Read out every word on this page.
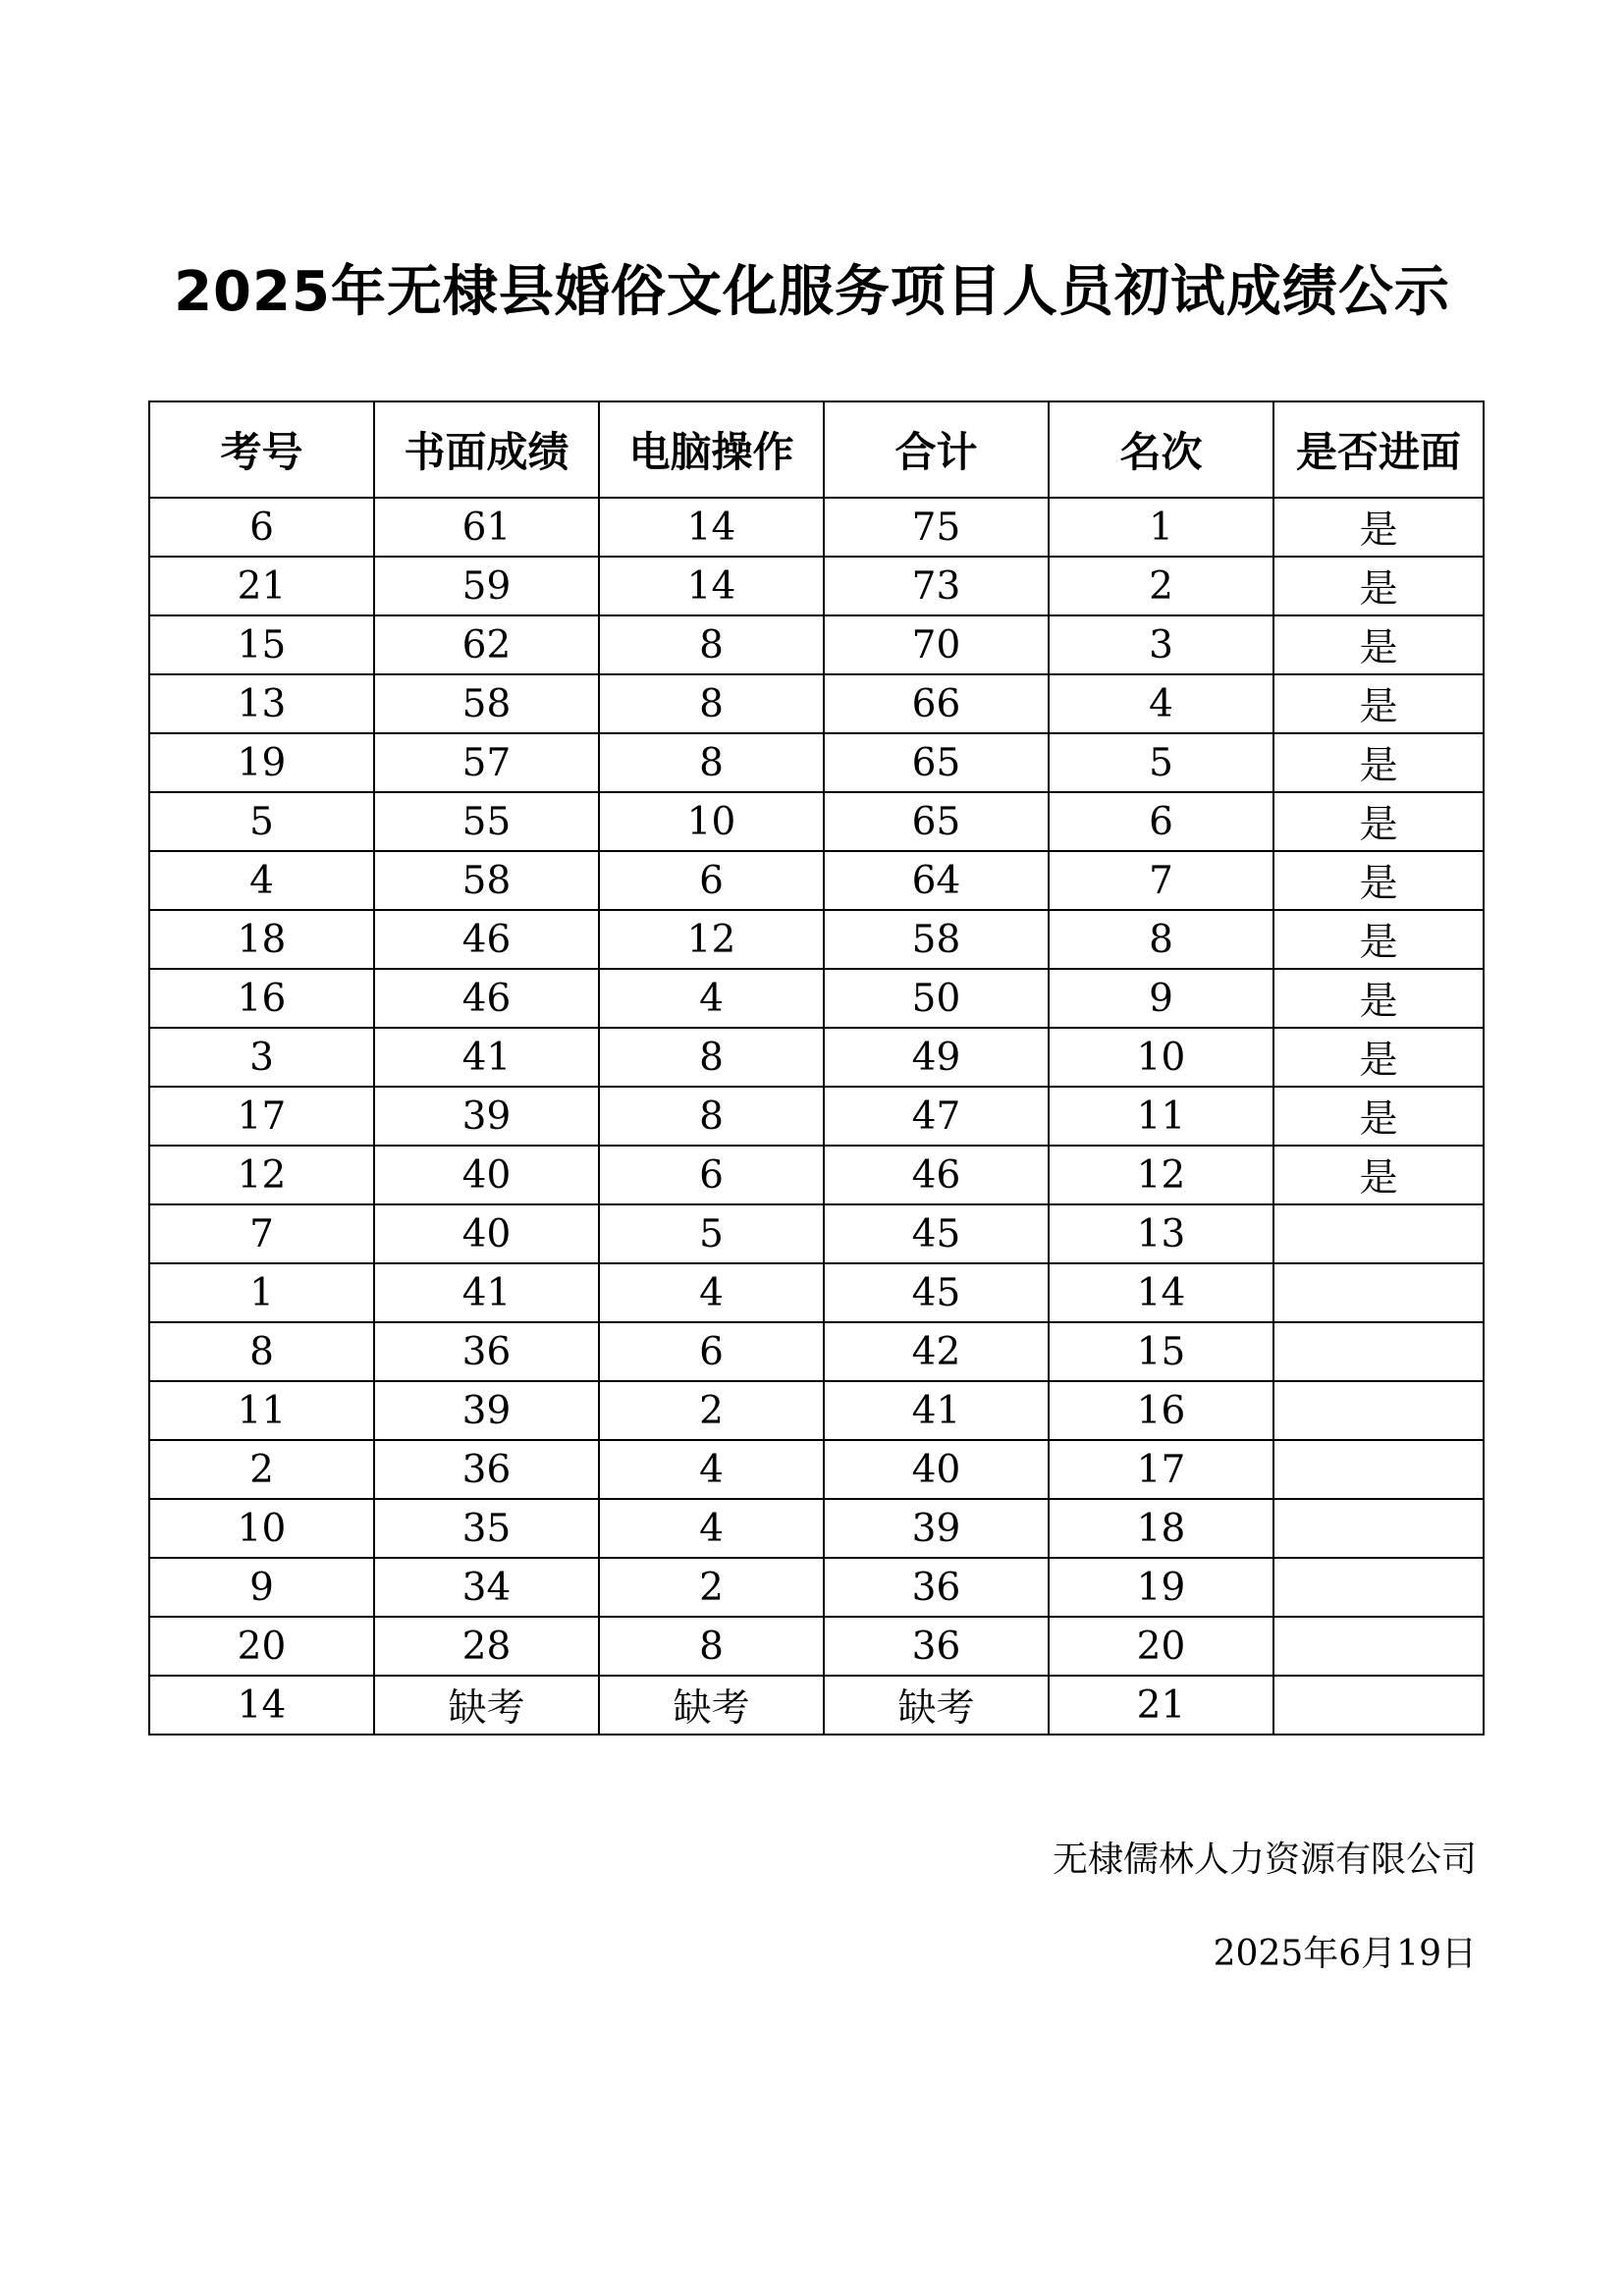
2025年无棣县婚俗文化服务项目人员初试成绩公示
考号	书面成绩	电脑操作	合计	名次	是否进面
6	61	14	75	1	是
21	59	14	73	2	是
15	62	8	70	3	是
13	58	8	66	4	是
19	57	8	65	5	是
5	55	10	65	6	是
4	58	6	64	7	是
18	46	12	58	8	是
16	46	4	50	9	是
3	41	8	49	10	是
17	39	8	47	11	是
12	40	6	46	12	是
7	40	5	45	13	
1	41	4	45	14	
8	36	6	42	15	
11	39	2	41	16	
2	36	4	40	17	
10	35	4	39	18	
9	34	2	36	19	
20	28	8	36	20	
14	缺考	缺考	缺考	21	
无棣儒林人力资源有限公司
2025年6月19日
